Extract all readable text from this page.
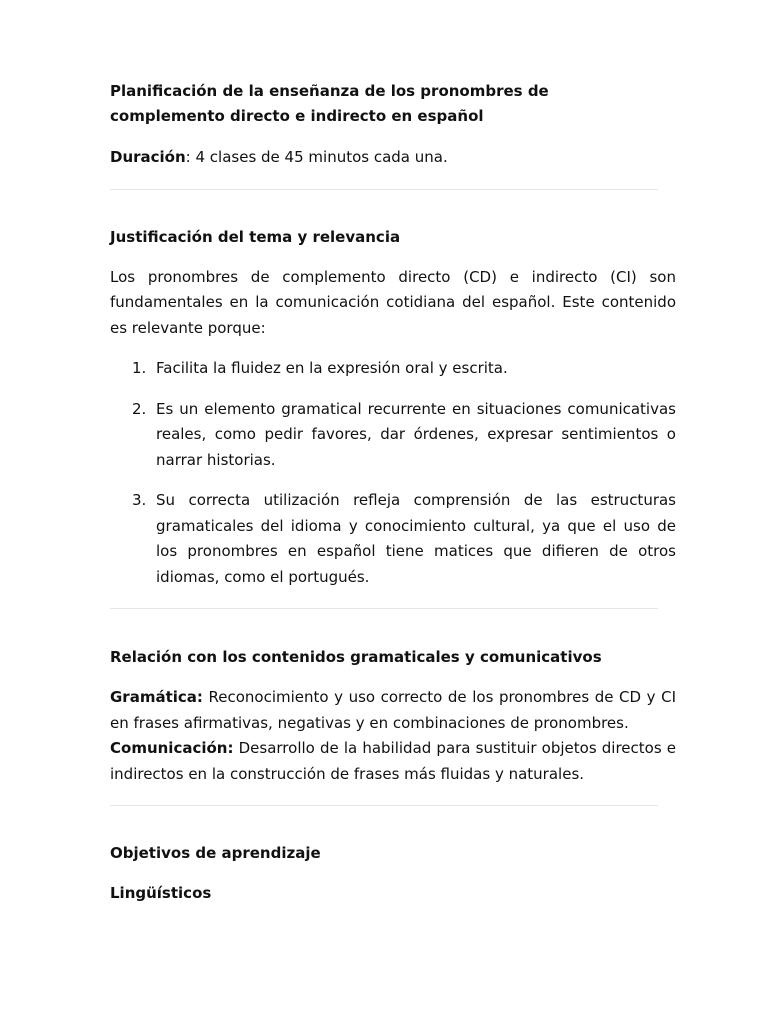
Planificación de la enseñanza de los pronombres de
complemento directo e indirecto en español

Duración: 4 clases de 45 minutos cada una.

Justificación del tema y relevancia

Los pronombres de complemento directo (CD) e indirecto (CI) son fundamentales en la comunicación cotidiana del español. Este contenido es relevante porque:

1. Facilita la fluidez en la expresión oral y escrita.
2. Es un elemento gramatical recurrente en situaciones comunicativas reales, como pedir favores, dar órdenes, expresar sentimientos o narrar historias.
3. Su correcta utilización refleja comprensión de las estructuras gramaticales del idioma y conocimiento cultural, ya que el uso de los pronombres en español tiene matices que difieren de otros idiomas, como el portugués.

Relación con los contenidos gramaticales y comunicativos

Gramática: Reconocimiento y uso correcto de los pronombres de CD y CI en frases afirmativas, negativas y en combinaciones de pronombres.
Comunicación: Desarrollo de la habilidad para sustituir objetos directos e indirectos en la construcción de frases más fluidas y naturales.

Objetivos de aprendizaje

Lingüísticos
